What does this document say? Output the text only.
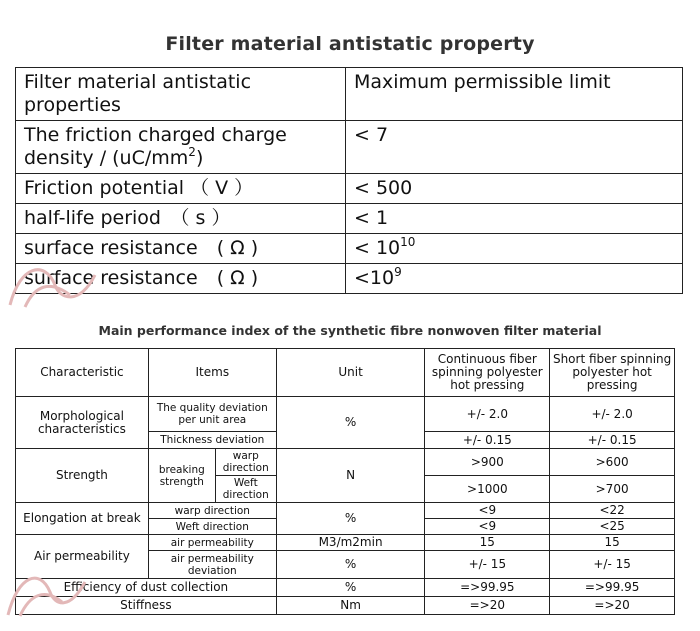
Filter material antistatic property
Filter material antistatic properties	Maximum permissible limit
The friction charged charge density / $(uC/mm^2)$	< 7
Friction potential （ V ）	< 500
half-life period　（ s ）	< 1
surface resistance　( Ω )	< $10^{10}$
surface resistance　( Ω )	$<10^9$
Main performance index of the synthetic fibre nonwoven filter material
Characteristic	Items		Unit	Continuous fiber spinning polyester hot pressing	Short fiber spinning polyester hot pressing
Morphological characteristics	The quality deviation per unit area		%	+/- 2.0	+/- 2.0
	Thickness deviation			+/- 0.15	+/- 0.15
Strength	breaking strength	warp direction	N	>900	>600
		Weft direction		>1000	>700
Elongation at break	warp direction		%	<9	<22
	Weft direction			<9	<25
Air permeability	air permeability		M3/m2min	15	15
	air permeability deviation		%	+/- 15	+/- 15
Efficiency of dust collection			%	=>99.95	=>99.95
Stiffness			Nm	=>20	=>20
